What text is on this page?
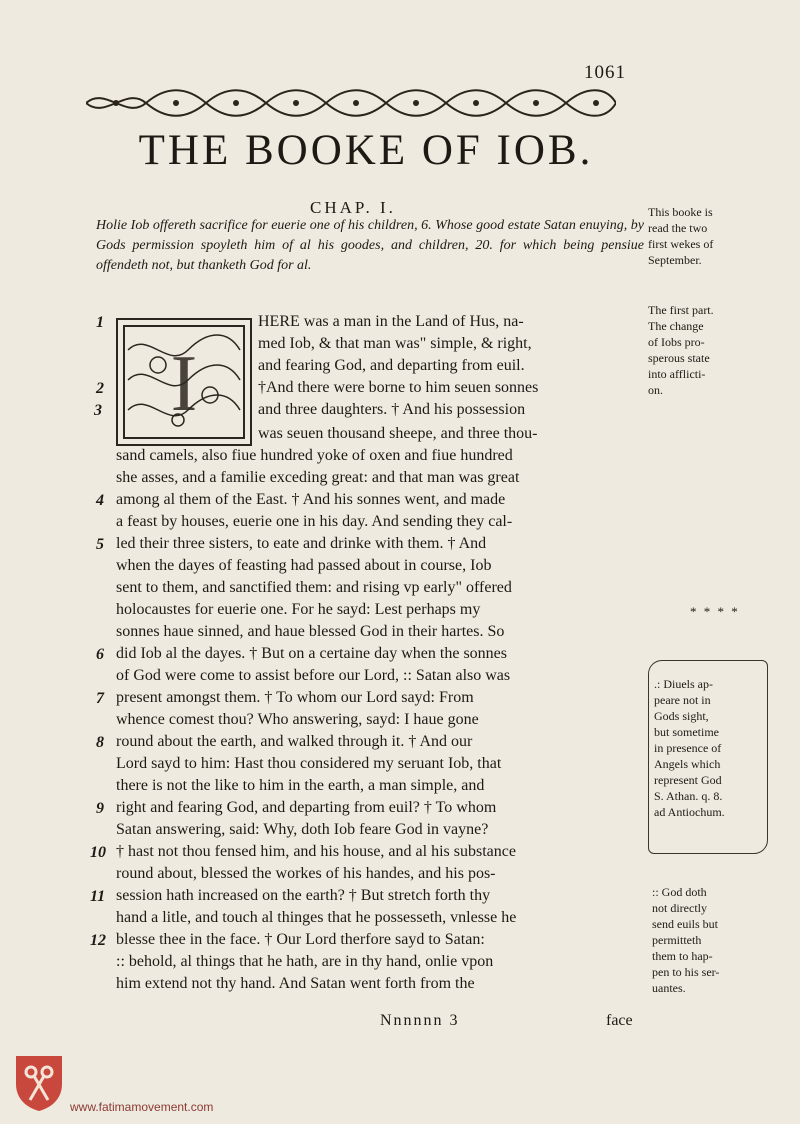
1061
THE BOOKE OF IOB.
CHAP. I.
Holie Iob offereth sacrifice for euerie one of his children, 6. Whose good estate Satan enuying, by Gods permission spoyleth him of al his goodes, and children, 20. for which being pensiue offendeth not, but thanketh God for al.
I
HERE was a man in the Land of Hus, na-
med Iob, & that man was" simple, & right,
and fearing God, and departing from euil.
†And there were borne to him seuen sonnes
and three daughters. † And his possession
was seuen thousand sheepe, and three thou-
sand camels, also fiue hundred yoke of oxen and fiue hundred
she asses, and a familie exceding great: and that man was great
among al them of the East. † And his sonnes went, and made
a feast by houses, euerie one in his day. And sending they cal-
led their three sisters, to eate and drinke with them. † And
when the dayes of feasting had passed about in course, Iob
sent to them, and sanctified them: and rising vp early" offered
holocaustes for euerie one. For he sayd: Lest perhaps my
sonnes haue sinned, and haue blessed God in their hartes. So
did Iob al the dayes. † But on a certaine day when the sonnes
of God were come to assist before our Lord, :: Satan also was
present amongst them. † To whom our Lord sayd: From
whence comest thou? Who answering, sayd: I haue gone
round about the earth, and walked through it. † And our
Lord sayd to him: Hast thou considered my seruant Iob, that
there is not the like to him in the earth, a man simple, and
right and fearing God, and departing from euil? † To whom
Satan answering, said: Why, doth Iob feare God in vayne?
† hast not thou fensed him, and his house, and al his substance
round about, blessed the workes of his handes, and his pos-
session hath increased on the earth? † But stretch forth thy
hand a litle, and touch al thinges that he possesseth, vnlesse he
blesse thee in the face. † Our Lord therfore sayd to Satan:
:: behold, al things that he hath, are in thy hand, onlie vpon
him extend not thy hand. And Satan went forth from the
1
2
3
4
5
6
7
8
9
10
11
12
This booke is
read the two
first wekes of
September.
The first part.
The change
of Iobs pro-
sperous state
into afflicti-
on.
.: Diuels ap-
peare not in
Gods sight,
but sometime
in presence of
Angels which
represent God
S. Athan. q. 8.
ad Antiochum.
:: God doth
not directly
send euils but
permitteth
them to hap-
pen to his ser-
uantes.
* * * *
Nnnnnn 3	face
www.fatimamovement.com
